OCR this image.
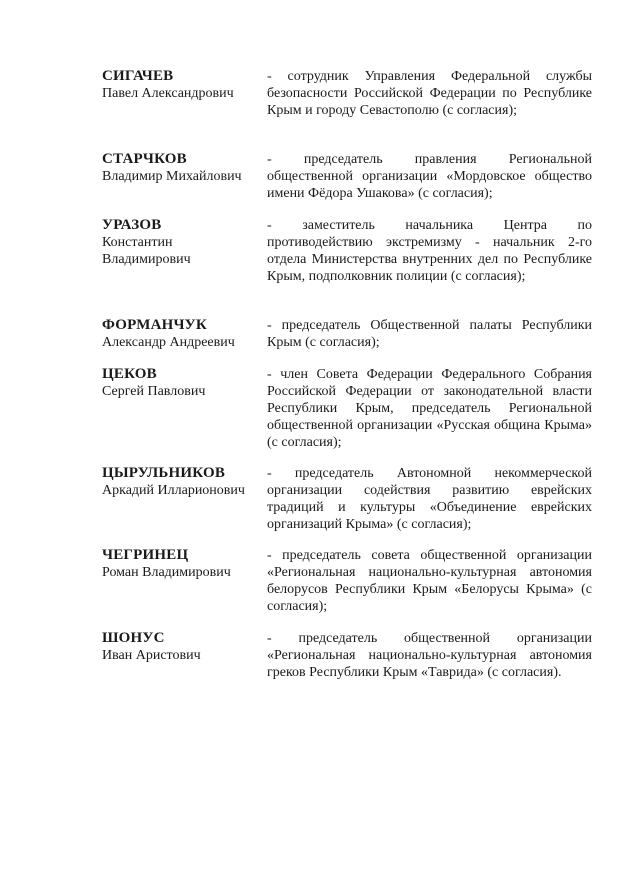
СИГАЧЕВ
Павел Александрович
- сотрудник Управления Федеральной службы безопасности Российской Федерации по Республике Крым и городу Севастополю (с согласия);
СТАРЧКОВ
Владимир Михайлович
- председатель правления Региональной общественной организации «Мордовское общество имени Фёдора Ушакова» (с согласия);
УРАЗОВ
Константин Владимирович
- заместитель начальника Центра по противодействию экстремизму - начальник 2-го отдела Министерства внутренних дел по Республике Крым, подполковник полиции (с согласия);
ФОРМАНЧУК
Александр Андреевич
- председатель Общественной палаты Республики Крым (с согласия);
ЦЕКОВ
Сергей Павлович
- член Совета Федерации Федерального Собрания Российской Федерации от законодательной власти Республики Крым, председатель Региональной общественной организации «Русская община Крыма» (с согласия);
ЦЫРУЛЬНИКОВ
Аркадий Илларионович
- председатель Автономной некоммерческой организации содействия развитию еврейских традиций и культуры «Объединение еврейских организаций Крыма» (с согласия);
ЧЕГРИНЕЦ
Роман Владимирович
- председатель совета общественной организации «Региональная национально-культурная автономия белорусов Республики Крым «Белорусы Крыма» (с согласия);
ШОНУС
Иван Аристович
- председатель общественной организации «Региональная национально-культурная автономия греков Республики Крым «Таврида» (с согласия).
